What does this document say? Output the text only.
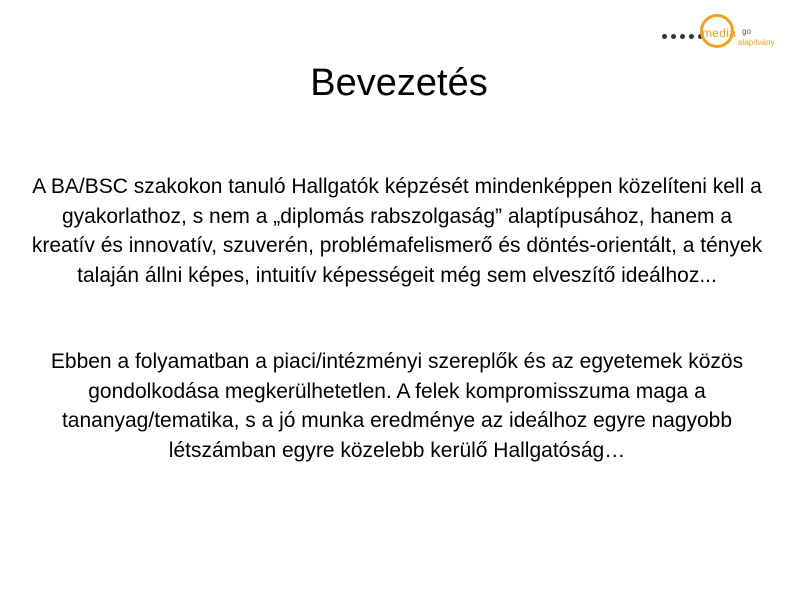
media go
alapítvány
Bevezetés

A BA/BSC szakokon tanuló Hallgatók képzését mindenképpen közelíteni kell a gyakorlathoz, s nem a „diplomás rabszolgaság” alaptípusához, hanem a kreatív és innovatív, szuverén, problémafelismerő és döntés-orientált, a tények talaján állni képes, intuitív képességeit még sem elveszítő ideálhoz...

Ebben a folyamatban a piaci/intézményi szereplők és az egyetemek közös gondolkodása megkerülhetetlen. A felek kompromisszuma maga a tananyag/tematika, s a jó munka eredménye az ideálhoz egyre nagyobb létszámban egyre közelebb kerülő Hallgatóság…
